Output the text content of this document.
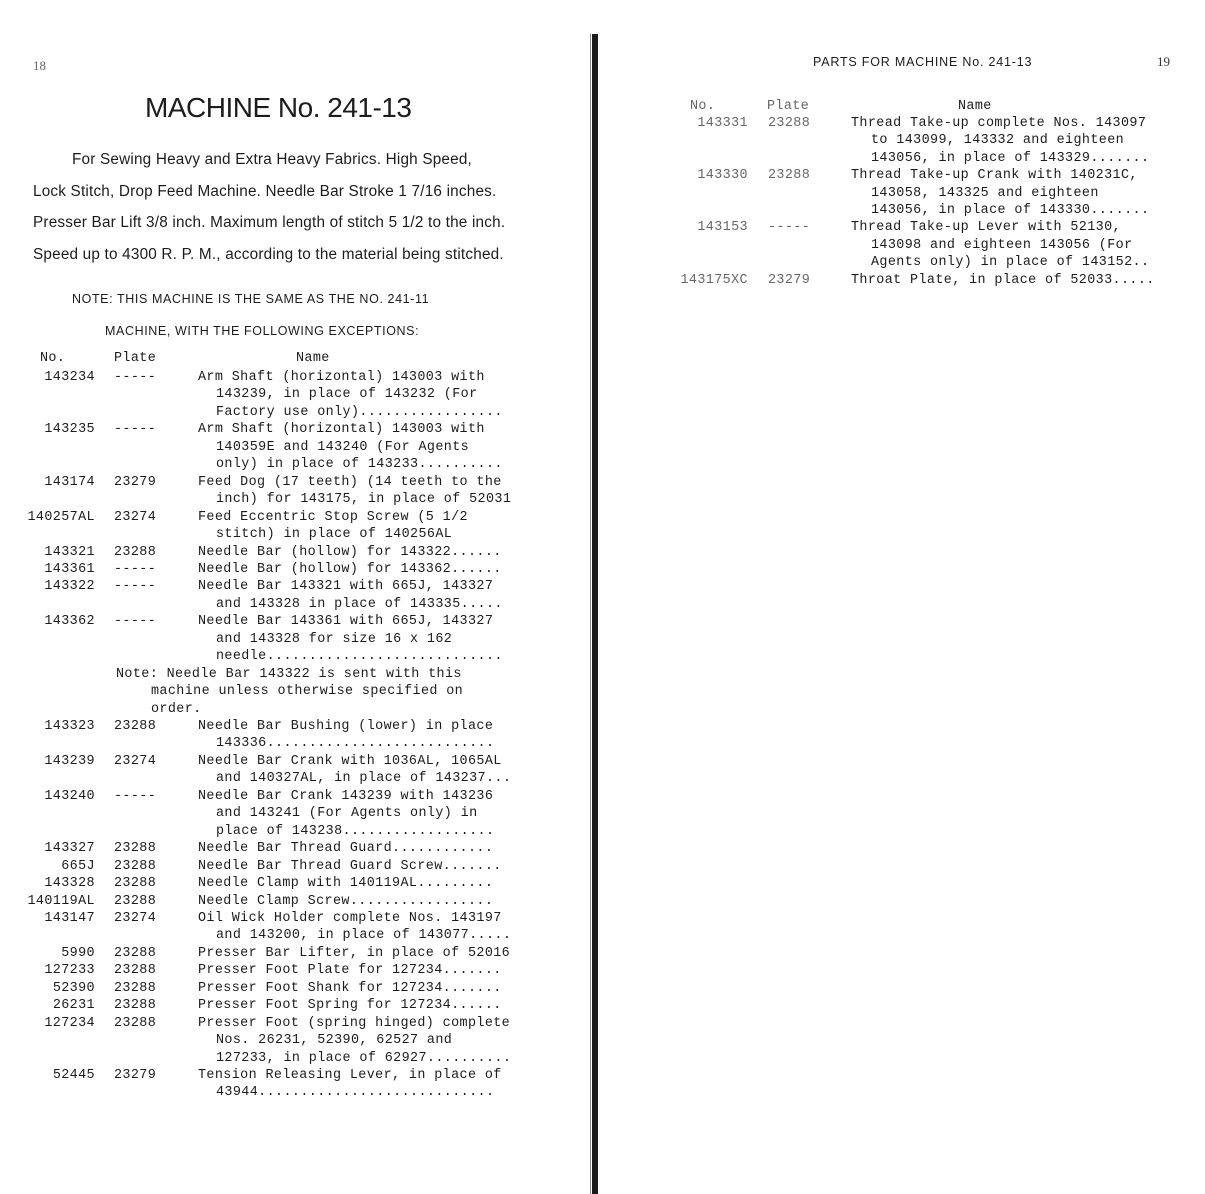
18
MACHINE No. 241-13
For Sewing Heavy and Extra Heavy Fabrics. High Speed,
Lock Stitch, Drop Feed Machine. Needle Bar Stroke 1 7/16 inches.
Presser Bar Lift 3/8 inch. Maximum length of stitch 5 1/2 to the inch.
Speed up to 4300 R. P. M., according to the material being stitched.
NOTE: THIS MACHINE IS THE SAME AS THE NO. 241-11
MACHINE, WITH THE FOLLOWING EXCEPTIONS:
No.	Plate	Name
143234 -----	Arm Shaft (horizontal) 143003 with
143239, in place of 143232 (For
Factory use only).................
143235 -----	Arm Shaft (horizontal) 143003 with
140359E and 143240 (For Agents
only) in place of 143233..........
143174 23279	Feed Dog (17 teeth) (14 teeth to the
inch) for 143175, in place of 52031
140257AL 23274	Feed Eccentric Stop Screw (5 1/2
stitch) in place of 140256AL
143321 23288	Needle Bar (hollow) for 143322......
143361 -----	Needle Bar (hollow) for 143362......
143322 -----	Needle Bar 143321 with 665J, 143327
and 143328 in place of 143335.....
143362 -----	Needle Bar 143361 with 665J, 143327
and 143328 for size 16 x 162
needle............................
Note: Needle Bar 143322 is sent with this
machine unless otherwise specified on
order.
143323 23288	Needle Bar Bushing (lower) in place
143336...........................
143239 23274	Needle Bar Crank with 1036AL, 1065AL
and 140327AL, in place of 143237...
143240 -----	Needle Bar Crank 143239 with 143236
and 143241 (For Agents only) in
place of 143238..................
143327 23288	Needle Bar Thread Guard............
665J 23288	Needle Bar Thread Guard Screw.......
143328 23288	Needle Clamp with 140119AL.........
140119AL 23288	Needle Clamp Screw.................
143147 23274	Oil Wick Holder complete Nos. 143197
and 143200, in place of 143077.....
5990 23288	Presser Bar Lifter, in place of 52016
127233 23288	Presser Foot Plate for 127234.......
52390 23288	Presser Foot Shank for 127234.......
26231 23288	Presser Foot Spring for 127234......
127234 23288	Presser Foot (spring hinged) complete
Nos. 26231, 52390, 62527 and
127233, in place of 62927..........
52445 23279	Tension Releasing Lever, in place of
43944............................
PARTS FOR MACHINE No. 241-13	19
No.	Plate	Name
143331 23288	Thread Take-up complete Nos. 143097
to 143099, 143332 and eighteen
143056, in place of 143329.......
143330 23288	Thread Take-up Crank with 140231C,
143058, 143325 and eighteen
143056, in place of 143330.......
143153 -----	Thread Take-up Lever with 52130,
143098 and eighteen 143056 (For
Agents only) in place of 143152..
143175XC 23279	Throat Plate, in place of 52033.....
